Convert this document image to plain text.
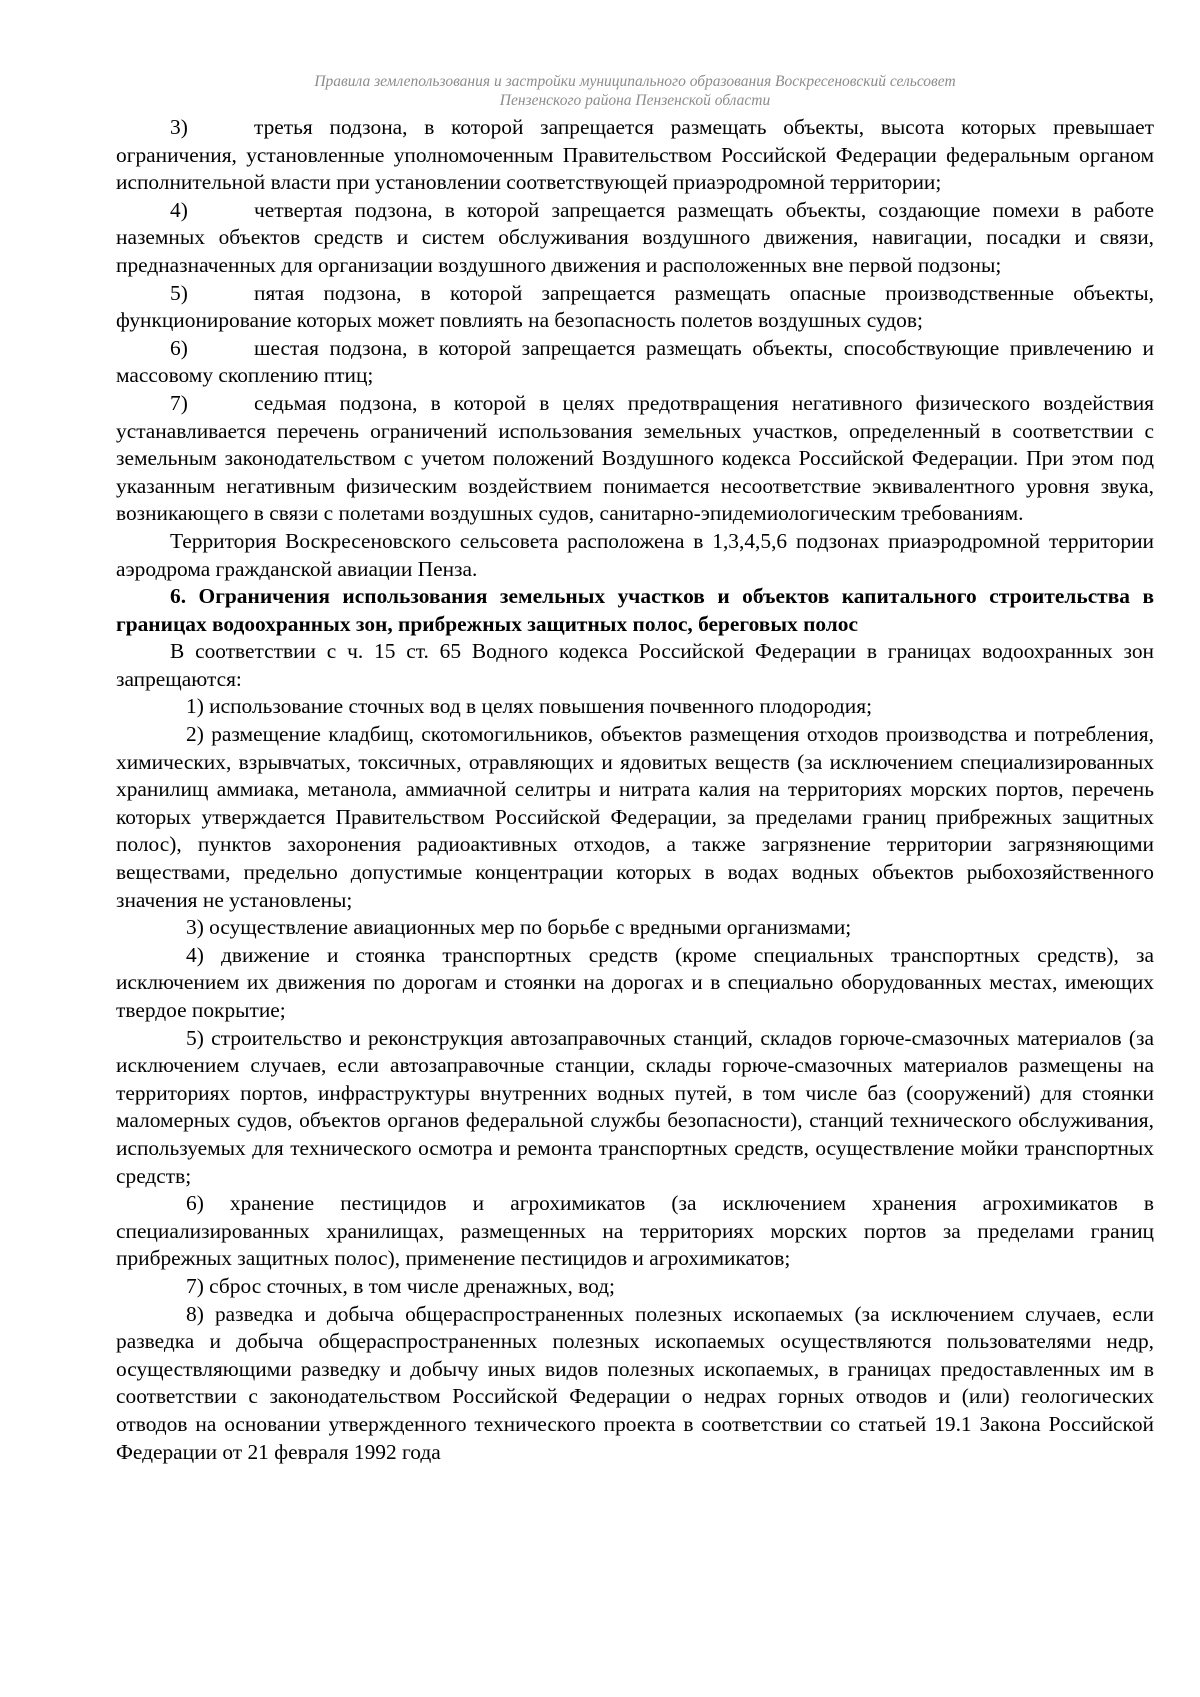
Правила землепользования и застройки муниципального образования Воскресеновский сельсовет
Пензенского района Пензенской области

3)	третья подзона, в которой запрещается размещать объекты, высота которых превышает ограничения, установленные уполномоченным Правительством Российской Федерации федеральным органом исполнительной власти при установлении соответствующей приаэродромной территории;

4)	четвертая подзона, в которой запрещается размещать объекты, создающие помехи в работе наземных объектов средств и систем обслуживания воздушного движения, навигации, посадки и связи, предназначенных для организации воздушного движения и расположенных вне первой подзоны;

5)	пятая подзона, в которой запрещается размещать опасные производственные объекты, функционирование которых может повлиять на безопасность полетов воздушных судов;

6)	шестая подзона, в которой запрещается размещать объекты, способствующие привлечению и массовому скоплению птиц;

7)	седьмая подзона, в которой в целях предотвращения негативного физического воздействия устанавливается перечень ограничений использования земельных участков, определенный в соответствии с земельным законодательством с учетом положений Воздушного кодекса Российской Федерации. При этом под указанным негативным физическим воздействием понимается несоответствие эквивалентного уровня звука, возникающего в связи с полетами воздушных судов, санитарно-эпидемиологическим требованиям.

Территория Воскресеновского сельсовета расположена в 1,3,4,5,6 подзонах приаэродромной территории аэродрома гражданской авиации Пенза.

6. Ограничения использования земельных участков и объектов капитального строительства в границах водоохранных зон, прибрежных защитных полос, береговых полос

В соответствии с ч. 15 ст. 65 Водного кодекса Российской Федерации в границах водоохранных зон запрещаются:

1) использование сточных вод в целях повышения почвенного плодородия;

2) размещение кладбищ, скотомогильников, объектов размещения отходов производства и потребления, химических, взрывчатых, токсичных, отравляющих и ядовитых веществ (за исключением специализированных хранилищ аммиака, метанола, аммиачной селитры и нитрата калия на территориях морских портов, перечень которых утверждается Правительством Российской Федерации, за пределами границ прибрежных защитных полос), пунктов захоронения радиоактивных отходов, а также загрязнение территории загрязняющими веществами, предельно допустимые концентрации которых в водах водных объектов рыбохозяйственного значения не установлены;

3) осуществление авиационных мер по борьбе с вредными организмами;

4) движение и стоянка транспортных средств (кроме специальных транспортных средств), за исключением их движения по дорогам и стоянки на дорогах и в специально оборудованных местах, имеющих твердое покрытие;

5) строительство и реконструкция автозаправочных станций, складов горюче-смазочных материалов (за исключением случаев, если автозаправочные станции, склады горюче-смазочных материалов размещены на территориях портов, инфраструктуры внутренних водных путей, в том числе баз (сооружений) для стоянки маломерных судов, объектов органов федеральной службы безопасности), станций технического обслуживания, используемых для технического осмотра и ремонта транспортных средств, осуществление мойки транспортных средств;

6) хранение пестицидов и агрохимикатов (за исключением хранения агрохимикатов в специализированных хранилищах, размещенных на территориях морских портов за пределами границ прибрежных защитных полос), применение пестицидов и агрохимикатов;

7) сброс сточных, в том числе дренажных, вод;

8) разведка и добыча общераспространенных полезных ископаемых (за исключением случаев, если разведка и добыча общераспространенных полезных ископаемых осуществляются пользователями недр, осуществляющими разведку и добычу иных видов полезных ископаемых, в границах предоставленных им в соответствии с законодательством Российской Федерации о недрах горных отводов и (или) геологических отводов на основании утвержденного технического проекта в соответствии со статьей 19.1 Закона Российской Федерации от 21 февраля 1992 года
